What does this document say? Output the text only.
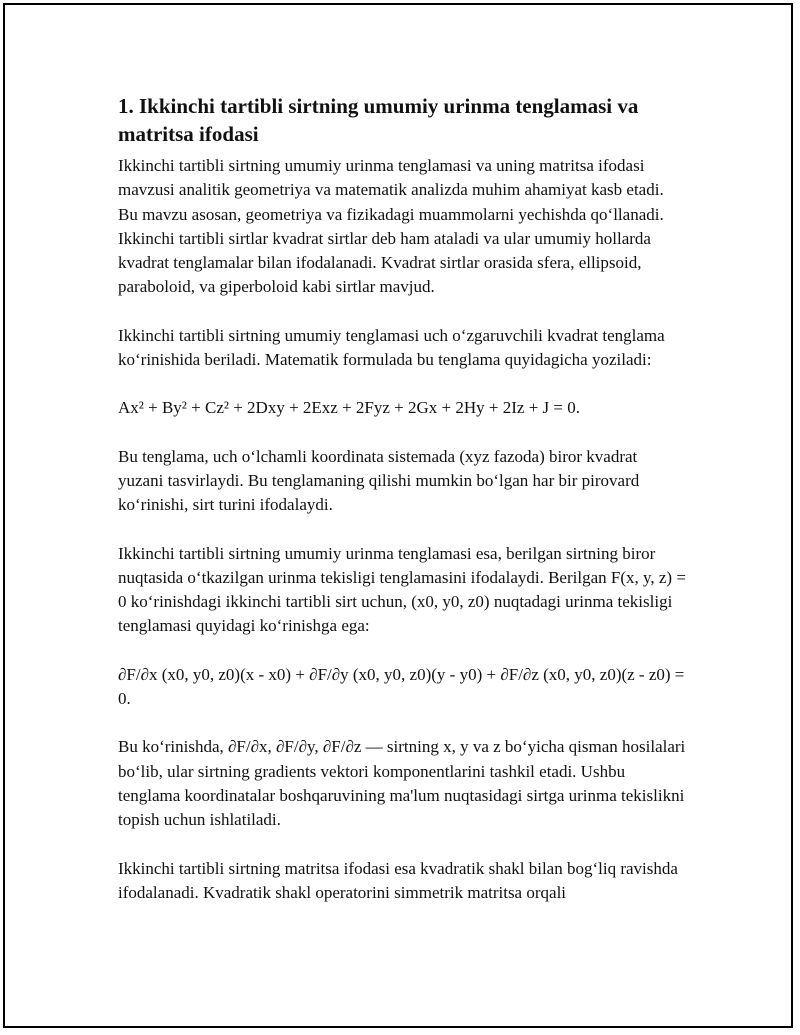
1. Ikkinchi tartibli sirtning umumiy urinma tenglamasi va matritsa ifodasi

Ikkinchi tartibli sirtning umumiy urinma tenglamasi va uning matritsa ifodasi mavzusi analitik geometriya va matematik analizda muhim ahamiyat kasb etadi. Bu mavzu asosan, geometriya va fizikadagi muammolarni yechishda qo‘llanadi. Ikkinchi tartibli sirtlar kvadrat sirtlar deb ham ataladi va ular umumiy hollarda kvadrat tenglamalar bilan ifodalanadi. Kvadrat sirtlar orasida sfera, ellipsoid, paraboloid, va giperboloid kabi sirtlar mavjud.

Ikkinchi tartibli sirtning umumiy tenglamasi uch o‘zgaruvchili kvadrat tenglama ko‘rinishida beriladi. Matematik formulada bu tenglama quyidagicha yoziladi:

Ax² + By² + Cz² + 2Dxy + 2Exz + 2Fyz + 2Gx + 2Hy + 2Iz + J = 0.

Bu tenglama, uch o‘lchamli koordinata sistemada (xyz fazoda) biror kvadrat yuzani tasvirlaydi. Bu tenglamaning qilishi mumkin bo‘lgan har bir pirovard ko‘rinishi, sirt turini ifodalaydi.

Ikkinchi tartibli sirtning umumiy urinma tenglamasi esa, berilgan sirtning biror nuqtasida o‘tkazilgan urinma tekisligi tenglamasini ifodalaydi. Berilgan F(x, y, z) = 0 ko‘rinishdagi ikkinchi tartibli sirt uchun, (x0, y0, z0) nuqtadagi urinma tekisligi tenglamasi quyidagi ko‘rinishga ega:

∂F/∂x (x0, y0, z0)(x - x0) + ∂F/∂y (x0, y0, z0)(y - y0) + ∂F/∂z (x0, y0, z0)(z - z0) = 0.

Bu ko‘rinishda, ∂F/∂x, ∂F/∂y, ∂F/∂z — sirtning x, y va z bo‘yicha qisman hosilalari bo‘lib, ular sirtning gradients vektori komponentlarini tashkil etadi. Ushbu tenglama koordinatalar boshqaruvining ma'lum nuqtasidagi sirtga urinma tekislikni topish uchun ishlatiladi.

Ikkinchi tartibli sirtning matritsa ifodasi esa kvadratik shakl bilan bog‘liq ravishda ifodalanadi. Kvadratik shakl operatorini simmetrik matritsa orqali
